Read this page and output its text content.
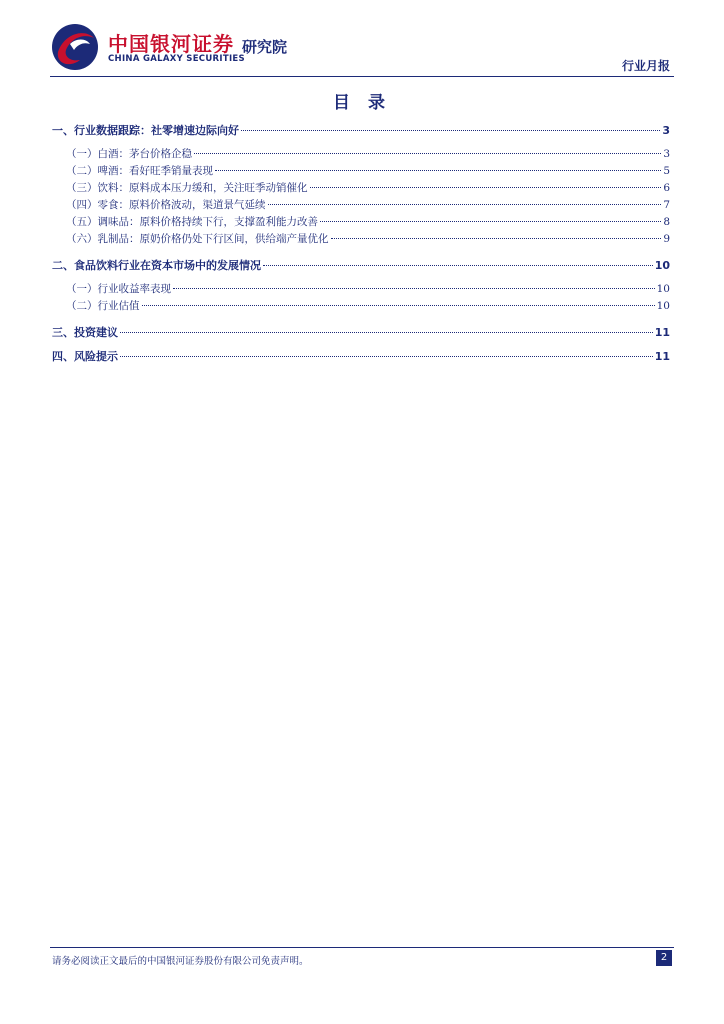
中国银河证券
CHINA GALAXY SECURITIES
研究院
行业月报
目 录
一、行业数据跟踪：社零增速边际向好	3
（一）白酒：茅台价格企稳	3
（二）啤酒：看好旺季销量表现	5
（三）饮料：原料成本压力缓和，关注旺季动销催化	6
（四）零食：原料价格波动，渠道景气延续	7
（五）调味品：原料价格持续下行，支撑盈利能力改善	8
（六）乳制品：原奶价格仍处下行区间，供给端产量优化	9
二、食品饮料行业在资本市场中的发展情况	10
（一）行业收益率表现	10
（二）行业估值	10
三、投资建议	11
四、风险提示	11
请务必阅读正文最后的中国银河证券股份有限公司免责声明。	2
